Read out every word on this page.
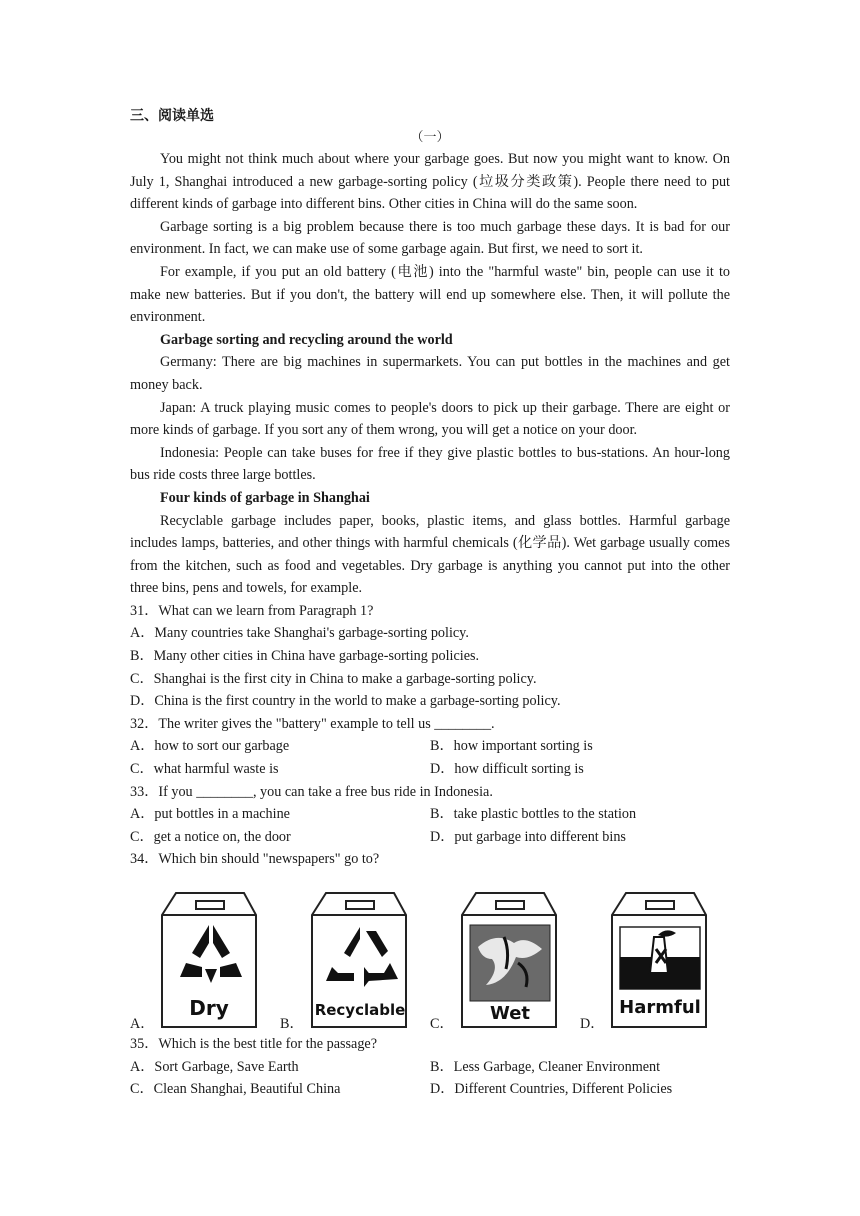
三、阅读单选
（一）

You might not think much about where your garbage goes. But now you might want to know. On July 1, Shanghai introduced a new garbage-sorting policy (垃圾分类政策). People there need to put different kinds of garbage into different bins. Other cities in China will do the same soon.

Garbage sorting is a big problem because there is too much garbage these days. It is bad for our environment. In fact, we can make use of some garbage again. But first, we need to sort it.

For example, if you put an old battery (电池) into the "harmful waste" bin, people can use it to make new batteries. But if you don't, the battery will end up somewhere else. Then, it will pollute the environment.

Garbage sorting and recycling around the world

Germany: There are big machines in supermarkets. You can put bottles in the machines and get money back.

Japan: A truck playing music comes to people's doors to pick up their garbage. There are eight or more kinds of garbage. If you sort any of them wrong, you will get a notice on your door.

Indonesia: People can take buses for free if they give plastic bottles to bus-stations. An hour-long bus ride costs three large bottles.

Four kinds of garbage in Shanghai

Recyclable garbage includes paper, books, plastic items, and glass bottles. Harmful garbage includes lamps, batteries, and other things with harmful chemicals (化学品). Wet garbage usually comes from the kitchen, such as food and vegetables. Dry garbage is anything you cannot put into the other three bins, pens and towels, for example.

31．What can we learn from Paragraph 1?

A．Many countries take Shanghai's garbage-sorting policy.

B．Many other cities in China have garbage-sorting policies.

C．Shanghai is the first city in China to make a garbage-sorting policy.

D．China is the first country in the world to make a garbage-sorting policy.

32．The writer gives the "battery" example to tell us ________.

A．how to sort our garbage	B．how important sorting is
C．what harmful waste is	D．how difficult sorting is

33．If you ________, you can take a free bus ride in Indonesia.

A．put bottles in a machine	B．take plastic bottles to the station
C．get a notice on, the door	D．put garbage into different bins

34．Which bin should "newspapers" go to?

A．
Dry
B．
Recyclable
C． Wet	D．
Harmful

35．Which is the best title for the passage?

A．Sort Garbage, Save Earth	B．Less Garbage, Cleaner Environment
C．Clean Shanghai, Beautiful China	D．Different Countries, Different Policies
